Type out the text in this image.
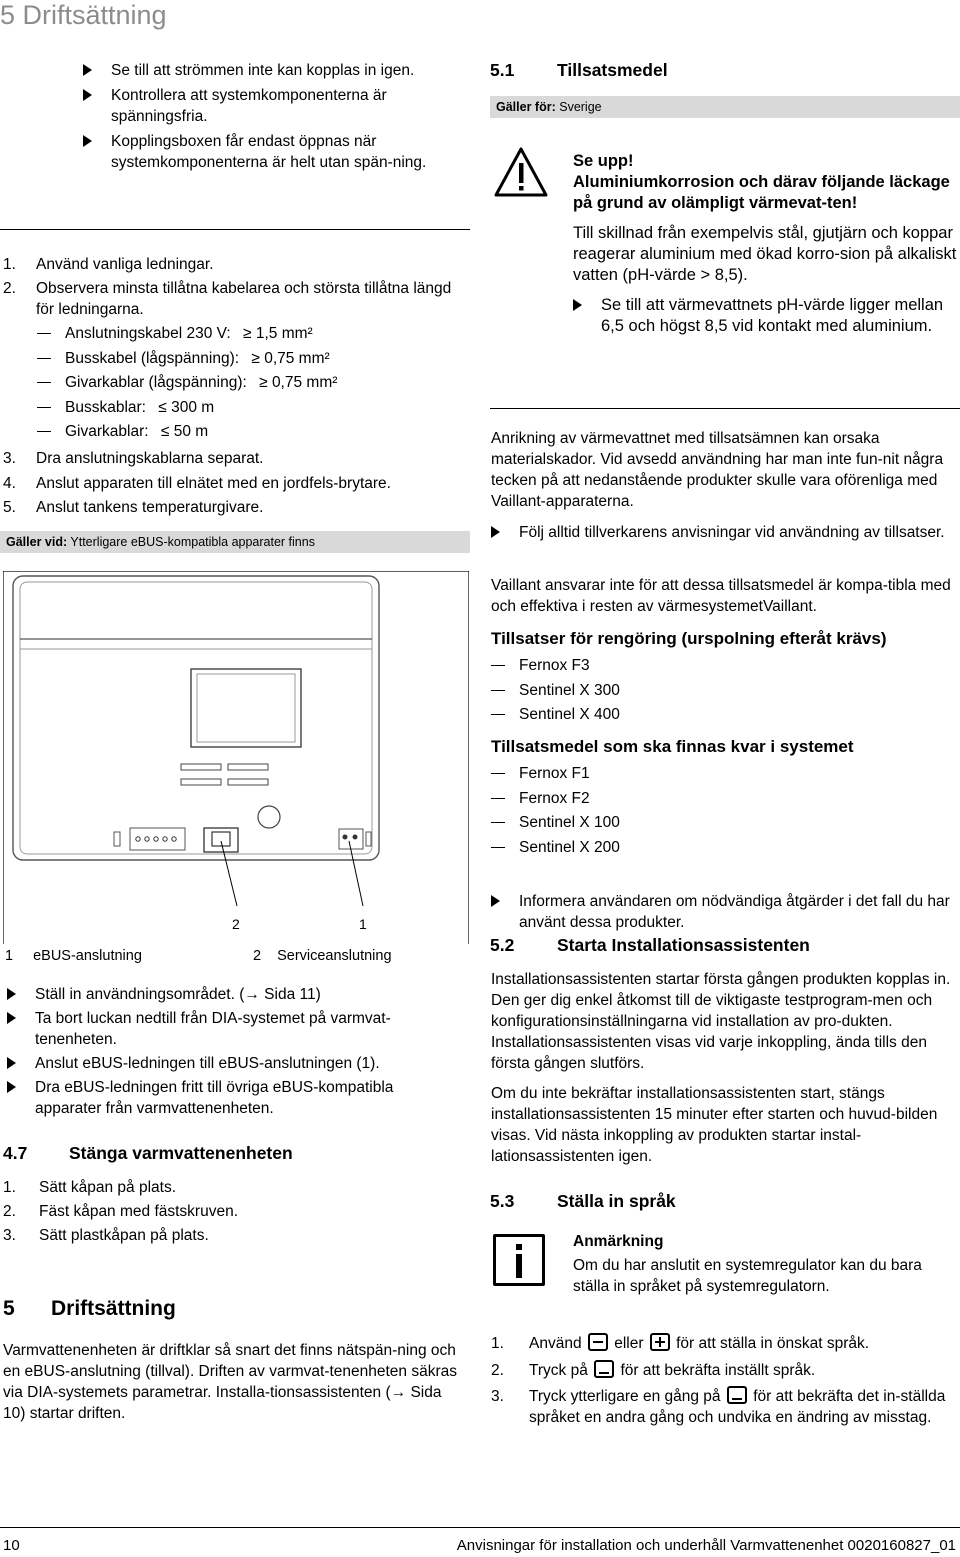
5 Driftsättning
Se till att strömmen inte kan kopplas in igen.
Kontrollera att systemkomponenterna är spänningsfria.
Kopplingsboxen får endast öppnas när systemkomponenterna är helt utan spän-ning.
1. Använd vanliga ledningar.
2. Observera minsta tillåtna kabelarea och största tillåtna längd för ledningarna.
Anslutningskabel 230 V: ≥ 1,5 mm²
Busskabel (lågspänning): ≥ 0,75 mm²
Givarkablar (lågspänning): ≥ 0,75 mm²
Busskablar: ≤ 300 m
Givarkablar: ≤ 50 m
3. Dra anslutningskablarna separat.
4. Anslut apparaten till elnätet med en jordfels-brytare.
5. Anslut tankens temperaturgivare.
Gäller vid: Ytterligare eBUS-kompatibla apparater finns
2	1
1 eBUS-anslutning	2 Serviceanslutning
Ställ in användningsområdet. (→ Sida 11)
Ta bort luckan nedtill från DIA-systemet på varmvat-tenenheten.
Anslut eBUS-ledningen till eBUS-anslutningen (1).
Dra eBUS-ledningen fritt till övriga eBUS-kompatibla apparater från varmvattenenheten.
4.7 Stänga varmvattenenheten
1. Sätt kåpan på plats.
2. Fäst kåpan med fästskruven.
3. Sätt plastkåpan på plats.
5 Driftsättning

Varmvattenenheten är driftklar så snart det finns nätspän-ning och en eBUS-anslutning (tillval). Driften av varmvat-tenenheten säkras via DIA-systemets parametrar. Installa-tionsassistenten (→ Sida 10) startar driften.

5.1 Tillsatsmedel
Gäller för: Sverige
Se upp!
Aluminiumkorrosion och därav följande läckage på grund av olämpligt värmevat-ten!
Till skillnad från exempelvis stål, gjutjärn och koppar reagerar aluminium med ökad korro-sion på alkaliskt vatten (pH-värde > 8,5).
Se till att värmevattnets pH-värde ligger mellan 6,5 och högst 8,5 vid kontakt med aluminium.

Anrikning av värmevattnet med tillsatsämnen kan orsaka materialskador. Vid avsedd användning har man inte fun-nit några tecken på att nedanstående produkter skulle vara oförenliga med Vaillant-apparaterna.

Följ alltid tillverkarens anvisningar vid användning av tillsatser.

Vaillant ansvarar inte för att dessa tillsatsmedel är kompa-tibla med och effektiva i resten av värmesystemetVaillant.

Tillsatser för rengöring (urspolning efteråt krävs)
Fernox F3
Sentinel X 300
Sentinel X 400
Tillsatsmedel som ska finnas kvar i systemet
Fernox F1
Fernox F2
Sentinel X 100
Sentinel X 200
Informera användaren om nödvändiga åtgärder i det fall du har använt dessa produkter.
5.2 Starta Installationsassistenten

Installationsassistenten startar första gången produkten kopplas in. Den ger dig enkel åtkomst till de viktigaste testprogram-men och konfigurationsinställningarna vid installation av pro-dukten. Installationsassistenten visas vid varje inkoppling, ända tills den första gången slutförs.

Om du inte bekräftar installationsassistenten start, stängs installationsassistenten 15 minuter efter starten och huvud-bilden visas. Vid nästa inkoppling av produkten startar instal-lationsassistenten igen.

5.3 Ställa in språk
Anmärkning
Om du har anslutit en systemregulator kan du bara ställa in språket på systemregulatorn.
1. Använd eller för att ställa in önskat språk.
2. Tryck på för att bekräfta inställt språk.
3. Tryck ytterligare en gång på för att bekräfta det in-ställda språket en andra gång och undvika en ändring av misstag.
10	Anvisningar för installation och underhåll Varmvattenenhet 0020160827_01
